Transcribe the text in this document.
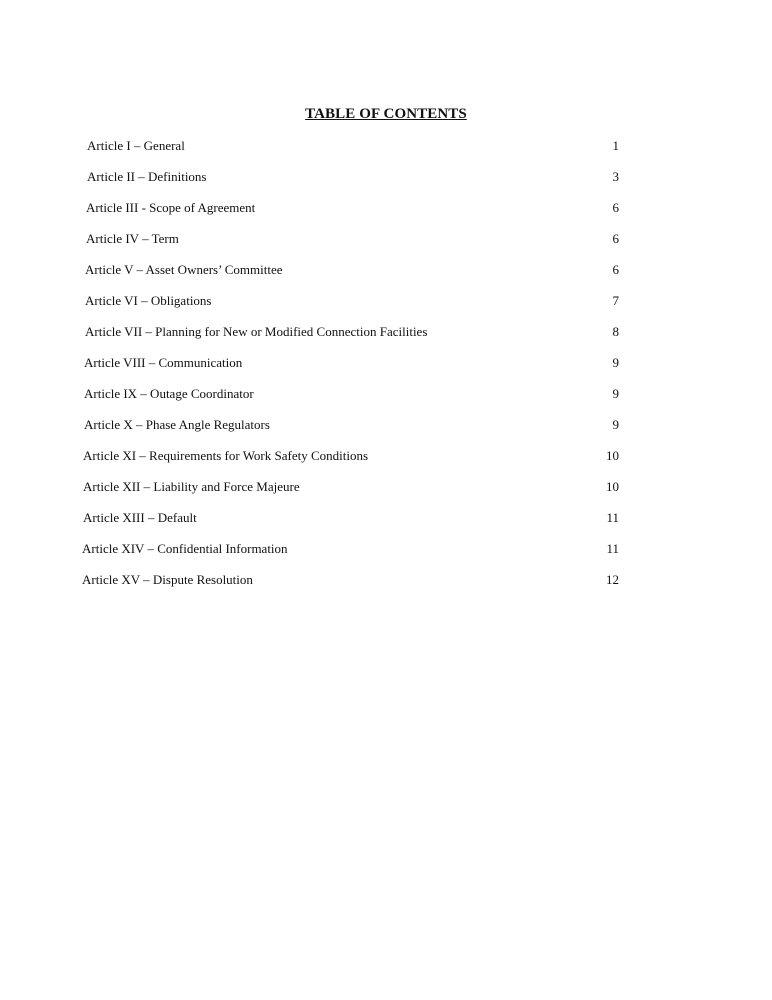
TABLE OF CONTENTS
Article I – General	1
Article II – Definitions	3
Article III - Scope of Agreement	6
Article IV – Term	6
Article V – Asset Owners’ Committee	6
Article VI – Obligations	7
Article VII – Planning for New or Modified Connection Facilities	8
Article VIII – Communication	9
Article IX – Outage Coordinator	9
Article X – Phase Angle Regulators	9
Article XI – Requirements for Work Safety Conditions	10
Article XII – Liability and Force Majeure	10
Article XIII – Default	11
Article XIV – Confidential Information	11
Article XV – Dispute Resolution	12
